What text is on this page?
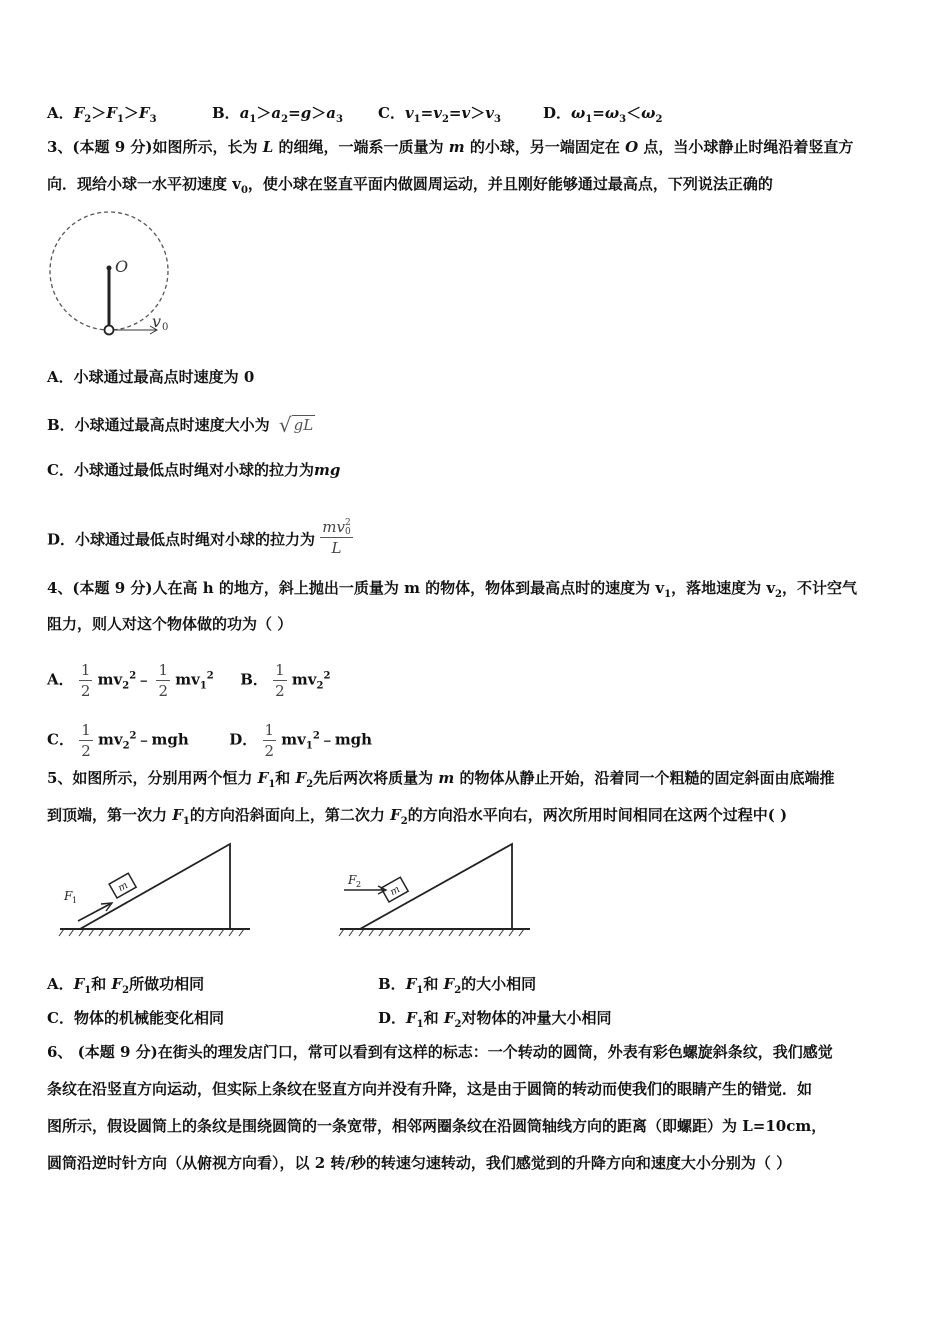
A．$F_2>F_1>F_3$	B．$a_1>a_2=g>a_3$ C．$v_1=v_2=v>v_3$	D．$\omega_1=\omega_3<\omega_2$
3、(本题 9 分)如图所示，长为 L 的细绳，一端系一质量为 m 的小球，另一端固定在 O 点，当小球静止时绳沿着竖直方
向．现给小球一水平初速度 $v_0$，使小球在竖直平面内做圆周运动，并且刚好能够通过最高点，下列说法正确的
O
v 0
A．小球通过最高点时速度为 0
B．小球通过最高点时速度大小为 √ gL
C．小球通过最低点时绳对小球的拉力为mg
D．小球通过最低点时绳对小球的拉力为 mv 2
0
L
4、(本题 9 分)人在高 h 的地方，斜上抛出一质量为 m 的物体，物体到最高点时的速度为 $v_1$，落地速度为 $v_2$，不计空气
阻力，则人对这个物体做的功为（ ）
A． $\frac{1}{2}$ $mv_2^2﹣ \frac{1}{2} mv_1^2$ B． $\frac{1}{2} mv_2^2$
C． $\frac{1}{2}$ $mv_2^2﹣mgh$	D． $\frac{1}{2}$ $mv_1^2﹣mgh$
5、如图所示，分别用两个恒力 $F_1$和 $F_2$先后两次将质量为 m 的物体从静止开始，沿着同一个粗糙的固定斜面由底端推
到顶端，第一次力 $F_1$的方向沿斜面向上，第二次力 $F_2$的方向沿水平向右，两次所用时间相同在这两个过程中( )
m
F 1
m
F 2
A．$F_1$和 $F_2$所做功相同	B．$F_1$和 $F_2$的大小相同
C．物体的机械能变化相同	D．$F_1$和 $F_2$对物体的冲量大小相同
6、 (本题 9 分)在街头的理发店门口，常可以看到有这样的标志：一个转动的圆筒，外表有彩色螺旋斜条纹，我们感觉
条纹在沿竖直方向运动，但实际上条纹在竖直方向并没有升降，这是由于圆筒的转动而使我们的眼睛产生的错觉．如
图所示，假设圆筒上的条纹是围绕圆筒的一条宽带，相邻两圈条纹在沿圆筒轴线方向的距离（即螺距）为 L=10cm，
圆筒沿逆时针方向（从俯视方向看），以 2 转/秒的转速匀速转动，我们感觉到的升降方向和速度大小分别为（ ）
